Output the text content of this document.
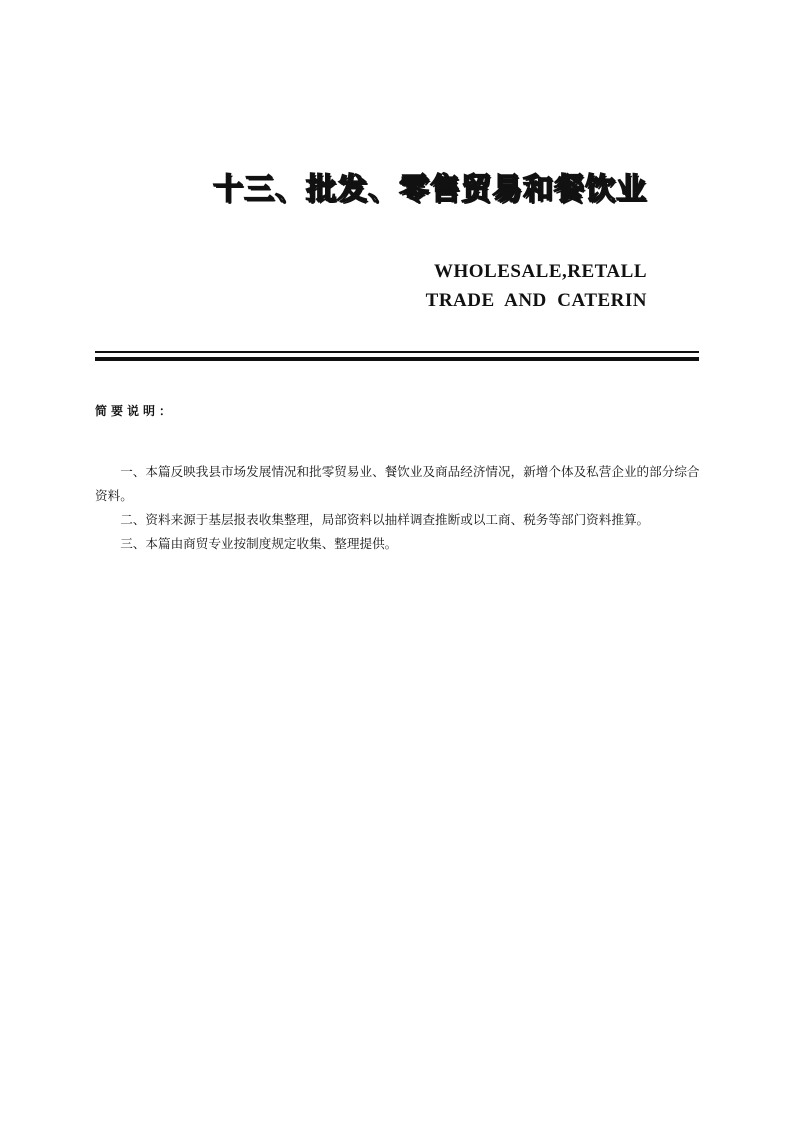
十三、批发、零售贸易和餐饮业
WHOLESALE,RETALL
TRADE  AND  CATERIN
简要说明：

一、本篇反映我县市场发展情况和批零贸易业、餐饮业及商品经济情况，新增个体及私营企业的部分综合资料。

二、资料来源于基层报表收集整理，局部资料以抽样调查推断或以工商、税务等部门资料推算。

三、本篇由商贸专业按制度规定收集、整理提供。
